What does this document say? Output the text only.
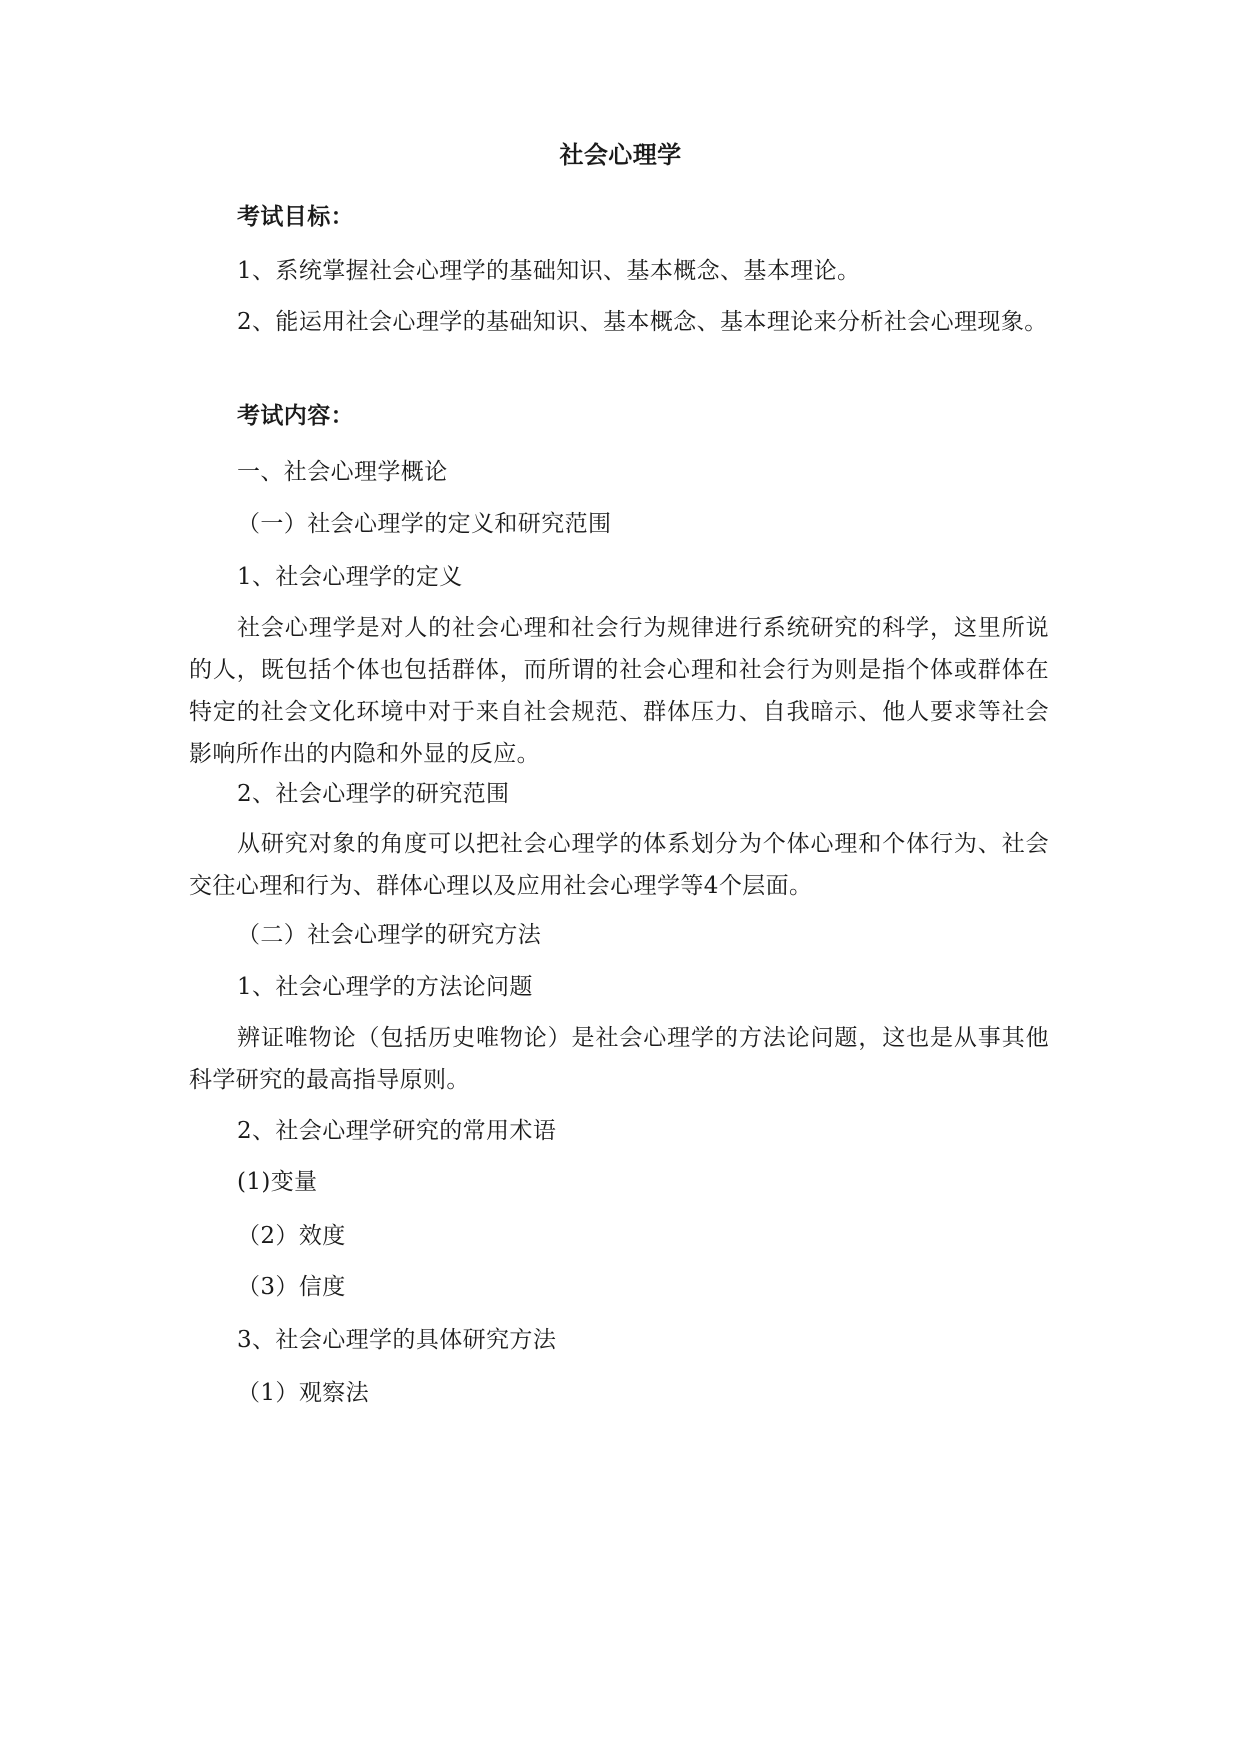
社会心理学
考试目标：
1、系统掌握社会心理学的基础知识、基本概念、基本理论。
2、能运用社会心理学的基础知识、基本概念、基本理论来分析社会心理现象。
考试内容：
一、社会心理学概论
（一）社会心理学的定义和研究范围
1、社会心理学的定义
社会心理学是对人的社会心理和社会行为规律进行系统研究的科学，这里所说的人，既包括个体也包括群体，而所谓的社会心理和社会行为则是指个体或群体在特定的社会文化环境中对于来自社会规范、群体压力、自我暗示、他人要求等社会影响所作出的内隐和外显的反应。
2、社会心理学的研究范围
从研究对象的角度可以把社会心理学的体系划分为个体心理和个体行为、社会交往心理和行为、群体心理以及应用社会心理学等4个层面。
（二）社会心理学的研究方法
1、社会心理学的方法论问题
辨证唯物论（包括历史唯物论）是社会心理学的方法论问题，这也是从事其他科学研究的最高指导原则。
2、社会心理学研究的常用术语
(1)变量
（2）效度
（3）信度
3、社会心理学的具体研究方法
（1）观察法
